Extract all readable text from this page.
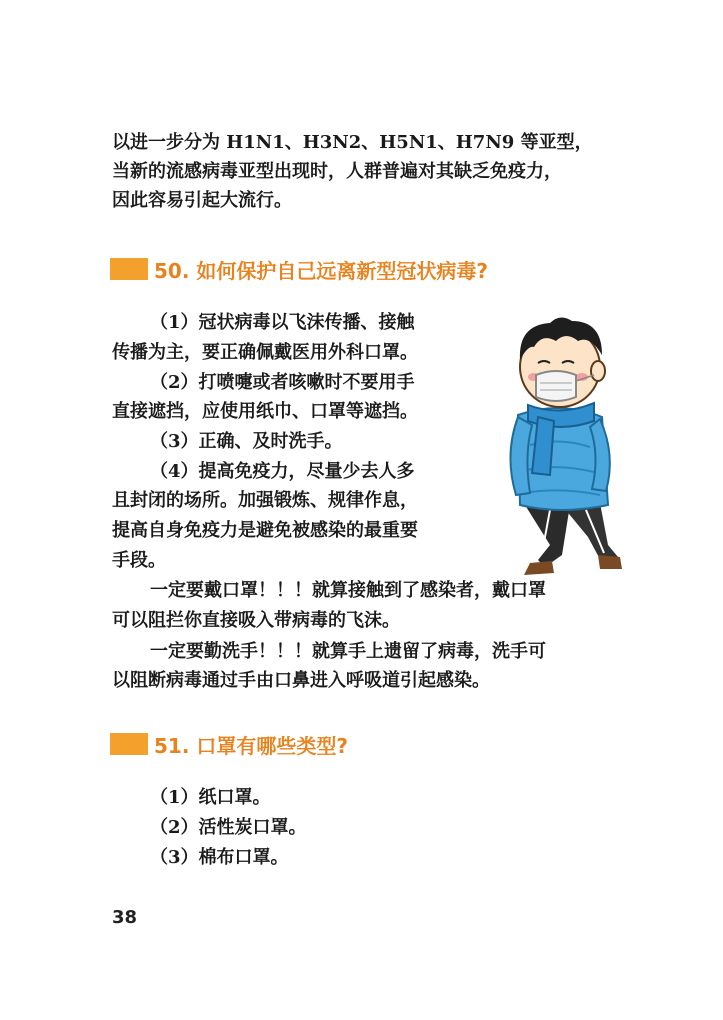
以进一步分为 H1N1、H3N2、H5N1、H7N9 等亚型，
当新的流感病毒亚型出现时，人群普遍对其缺乏免疫力，
因此容易引起大流行。
50. 如何保护自己远离新型冠状病毒?
（1）冠状病毒以飞沫传播、接触
传播为主，要正确佩戴医用外科口罩。
（2）打喷嚏或者咳嗽时不要用手
直接遮挡，应使用纸巾、口罩等遮挡。
（3）正确、及时洗手。
（4）提高免疫力，尽量少去人多
且封闭的场所。加强锻炼、规律作息，
提高自身免疫力是避免被感染的最重要
手段。
一定要戴口罩！！！就算接触到了感染者，戴口罩
可以阻拦你直接吸入带病毒的飞沫。
一定要勤洗手！！！就算手上遗留了病毒，洗手可
以阻断病毒通过手由口鼻进入呼吸道引起感染。
51. 口罩有哪些类型?
（1）纸口罩。
（2）活性炭口罩。
（3）棉布口罩。
38
